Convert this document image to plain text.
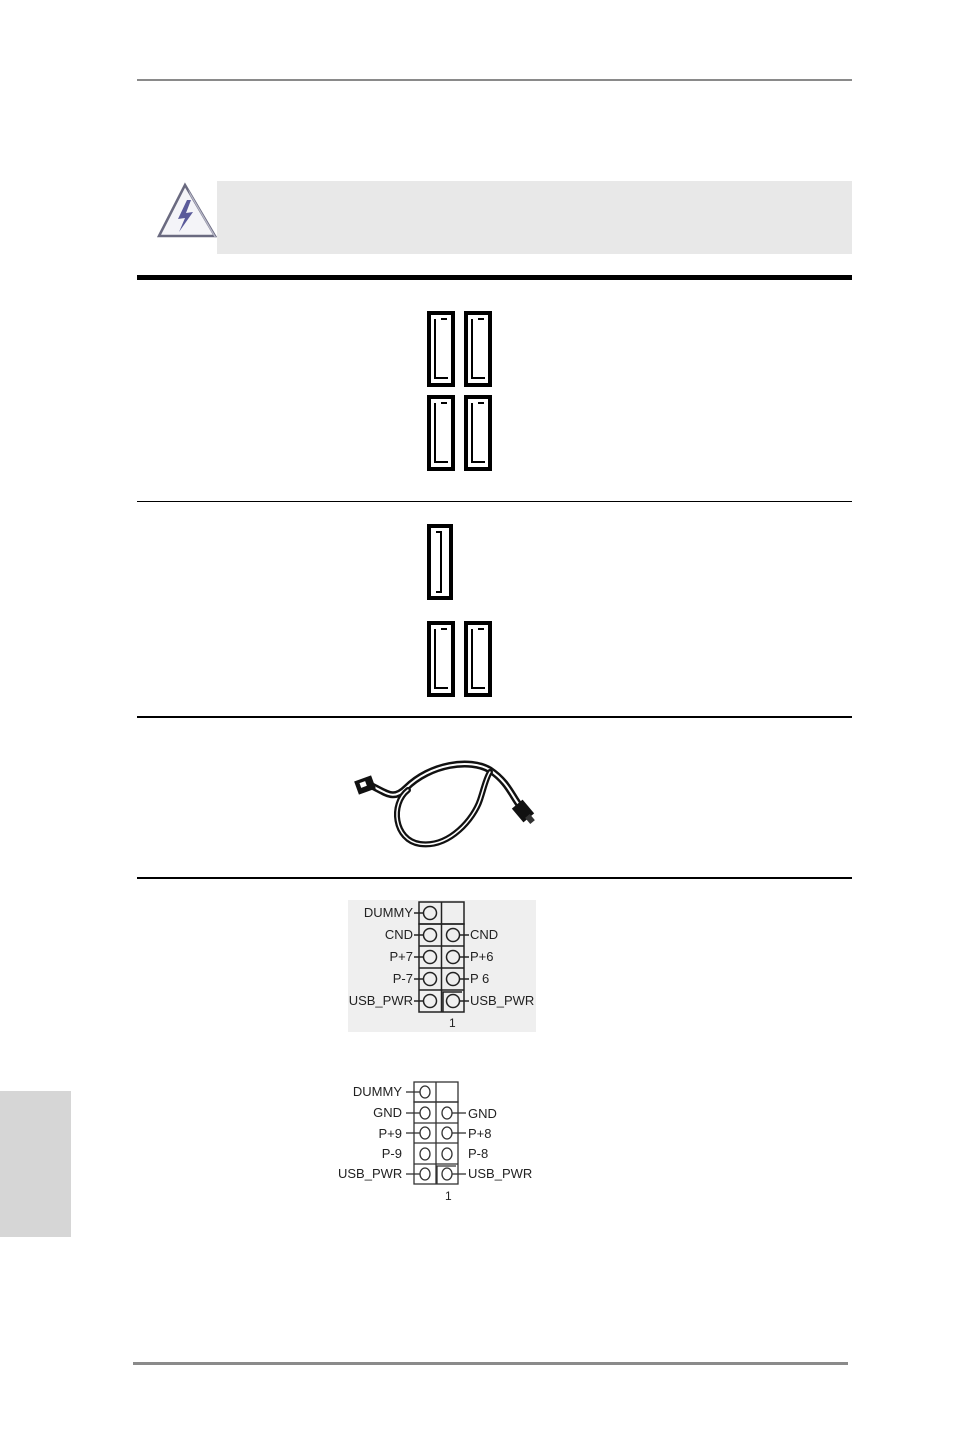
DUMMY
CND
P+7
P-7
USB_PWR
CND
P+6
P 6
USB_PWR
1
DUMMY
GND
P+9
P-9
USB_PWR
GND
P+8
P-8
USB_PWR
1
